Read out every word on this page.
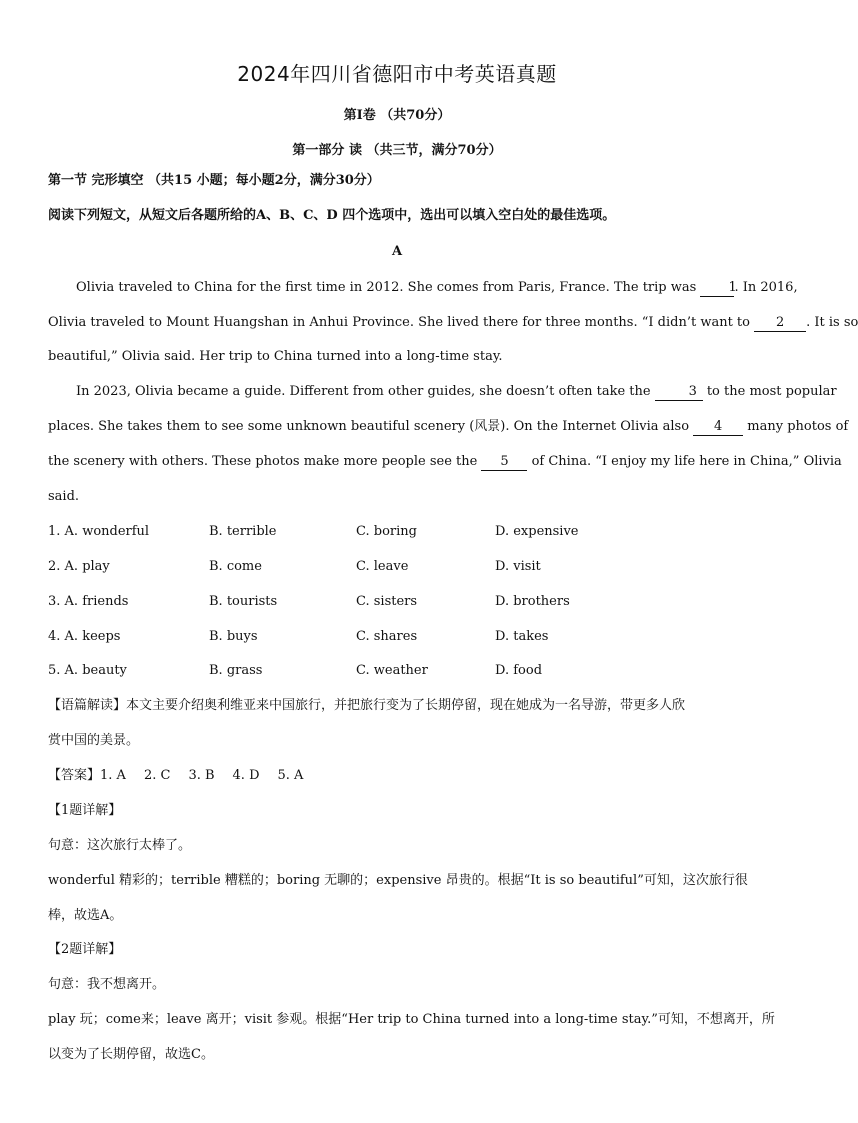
2024年四川省德阳市中考英语真题
第Ⅰ卷 （共70分）
第一部分 读 （共三节，满分70分）
第一节 完形填空 （共15 小题；每小题2分，满分30分）
阅读下列短文，从短文后各题所给的A、B、C、D 四个选项中，选出可以填入空白处的最佳选项。
A
Olivia traveled to China for the first time in 2012. She comes from Paris, France. The trip was 1. In 2016,
Olivia traveled to Mount Huangshan in Anhui Province. She lived there for three months. “I didn’t want to 2 . It is so
beautiful,” Olivia said. Her trip to China turned into a long-time stay.
In 2023, Olivia became a guide. Different from other guides, she doesn’t often take the	3 to the most popular
places. She takes them to see some unknown beautiful scenery (风景). On the Internet Olivia also 4 many photos of
the scenery with others. These photos make more people see the 5 of China. “I enjoy my life here in China,” Olivia
said.
1. A. wonderful	B. terrible	C. boring	D. expensive
2. A. play	B. come	C. leave	D. visit
3. A. friends	B. tourists	C. sisters	D. brothers
4. A. keeps	B. buys	C. shares	D. takes
5. A. beauty	B. grass	C. weather	D. food
【语篇解读】本文主要介绍奥利维亚来中国旅行，并把旅行变为了长期停留，现在她成为一名导游，带更多人欣
赏中国的美景。
【答案】1. A 2. C 3. B 4. D 5. A
【1题详解】
句意：这次旅行太棒了。
wonderful 精彩的；terrible 糟糕的；boring 无聊的；expensive 昂贵的。根据“It is so beautiful”可知，这次旅行很
棒，故选A。
【2题详解】
句意：我不想离开。
play 玩；come来；leave 离开；visit 参观。根据“Her trip to China turned into a long-time stay.”可知，不想离开，所
以变为了长期停留，故选C。
